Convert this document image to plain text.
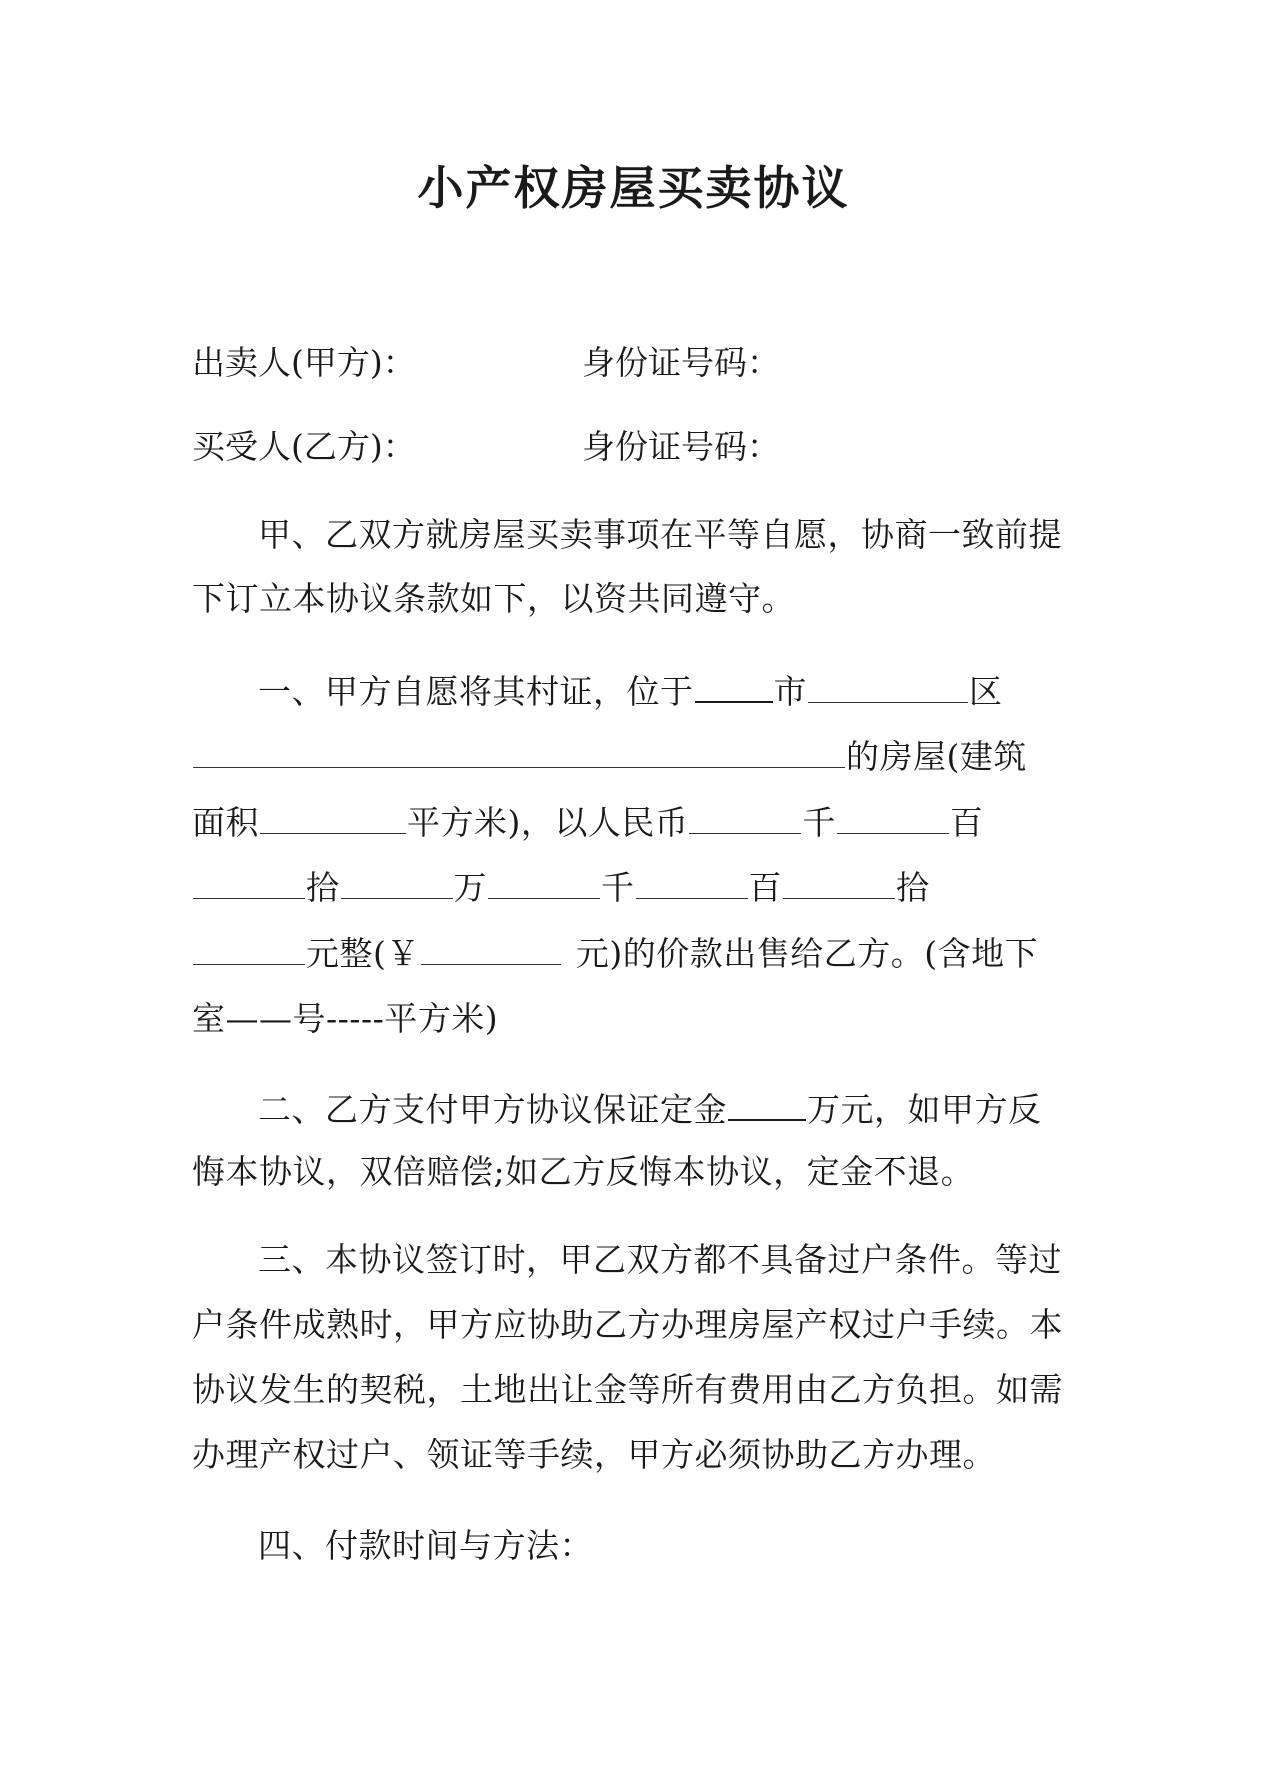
小产权房屋买卖协议
出卖人(甲方)：	身份证号码：
买受人(乙方)：	身份证号码：
甲、乙双方就房屋买卖事项在平等自愿，协商一致前提
下订立本协议条款如下，以资共同遵守。
一、甲方自愿将其村证，位于 市	区
的房屋(建筑
面积	平方米)，以人民币	千	百
拾	万	千	百	拾
元整(￥	元)的价款出售给乙方。(含地下
室——号-----平方米)
二、乙方支付甲方协议保证定金 万元，如甲方反
悔本协议，双倍赔偿;如乙方反悔本协议，定金不退。
三、本协议签订时，甲乙双方都不具备过户条件。等过
户条件成熟时，甲方应协助乙方办理房屋产权过户手续。本
协议发生的契税，土地出让金等所有费用由乙方负担。如需
办理产权过户、领证等手续，甲方必须协助乙方办理。
四、付款时间与方法：
